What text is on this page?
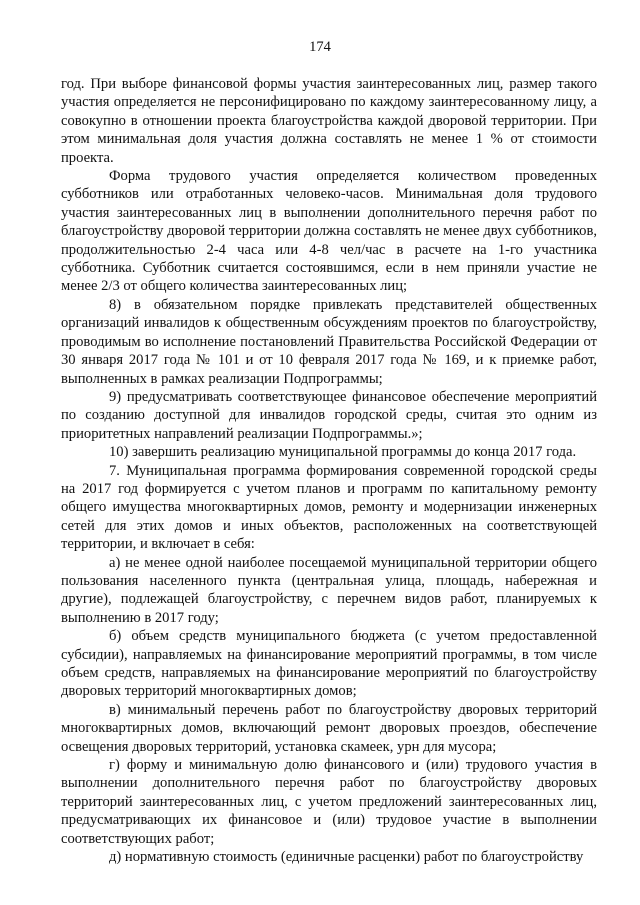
174

год. При выборе финансовой формы участия заинтересованных лиц, размер такого участия определяется не персонифицировано по каждому заинтересованному лицу, а совокупно в отношении проекта благоустройства каждой дворовой территории. При этом минимальная доля участия должна составлять не менее 1 % от стоимости проекта.

Форма трудового участия определяется количеством проведенных субботников или отработанных человеко-часов. Минимальная доля трудового участия заинтересованных лиц в выполнении дополнительного перечня работ по благоустройству дворовой территории должна составлять не менее двух субботников, продолжительностью 2-4 часа или 4-8 чел/час в расчете на 1-го участника субботника. Субботник считается состоявшимся, если в нем приняли участие не менее 2/3 от общего количества заинтересованных лиц;

8) в обязательном порядке привлекать представителей общественных организаций инвалидов к общественным обсуждениям проектов по благоустройству, проводимым во исполнение постановлений Правительства Российской Федерации от 30 января 2017 года № 101 и от 10 февраля 2017 года № 169, и к приемке работ, выполненных в рамках реализации Подпрограммы;

9) предусматривать соответствующее финансовое обеспечение мероприятий по созданию доступной для инвалидов городской среды, считая это одним из приоритетных направлений реализации Подпрограммы.»;

10) завершить реализацию муниципальной программы до конца 2017 года.

7. Муниципальная программа формирования современной городской среды на 2017 год формируется с учетом планов и программ по капитальному ремонту общего имущества многоквартирных домов, ремонту и модернизации инженерных сетей для этих домов и иных объектов, расположенных на соответствующей территории, и включает в себя:

а) не менее одной наиболее посещаемой муниципальной территории общего пользования населенного пункта (центральная улица, площадь, набережная и другие), подлежащей благоустройству, с перечнем видов работ, планируемых к выполнению в 2017 году;

б) объем средств муниципального бюджета (с учетом предоставленной субсидии), направляемых на финансирование мероприятий программы, в том числе объем средств, направляемых на финансирование мероприятий по благоустройству дворовых территорий многоквартирных домов;

в) минимальный перечень работ по благоустройству дворовых территорий многоквартирных домов, включающий ремонт дворовых проездов, обеспечение освещения дворовых территорий, установка скамеек, урн для мусора;

г) форму и минимальную долю финансового и (или) трудового участия в выполнении дополнительного перечня работ по благоустройству дворовых территорий заинтересованных лиц, с учетом предложений заинтересованных лиц, предусматривающих их финансовое и (или) трудовое участие в выполнении соответствующих работ;

д) нормативную стоимость (единичные расценки) работ по благоустройству
